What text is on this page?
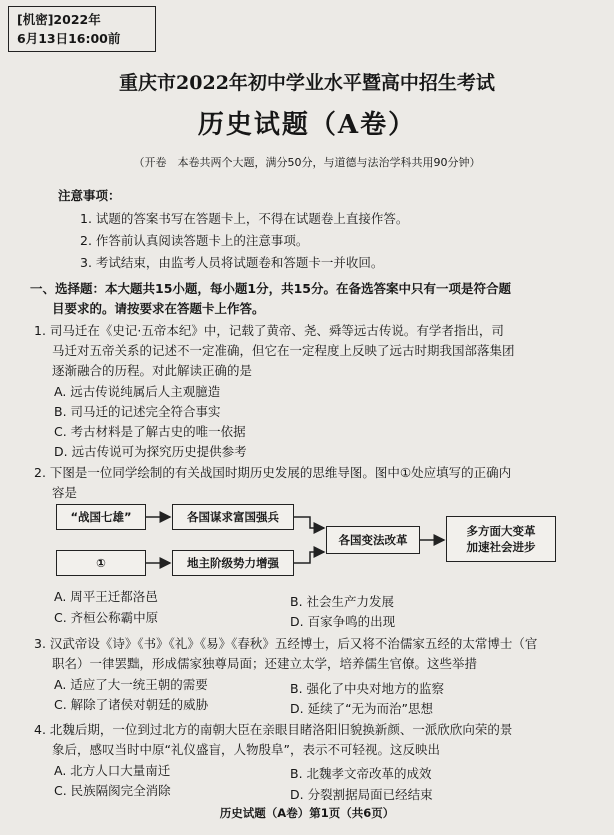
[机密]2022年
6月13日16:00前
重庆市2022年初中学业水平暨高中招生考试
历史试题（A卷）
（开卷　本卷共两个大题，满分50分，与道德与法治学科共用90分钟）
注意事项：
1. 试题的答案书写在答题卡上，不得在试题卷上直接作答。
2. 作答前认真阅读答题卡上的注意事项。
3. 考试结束，由监考人员将试题卷和答题卡一并收回。
一、选择题：本大题共15小题，每小题1分，共15分。在备选答案中只有一项是符合题
目要求的。请按要求在答题卡上作答。
1. 司马迁在《史记·五帝本纪》中，记载了黄帝、尧、舜等远古传说。有学者指出，司
马迁对五帝关系的记述不一定准确，但它在一定程度上反映了远古时期我国部落集团
逐渐融合的历程。对此解读正确的是
A. 远古传说纯属后人主观臆造
B. 司马迁的记述完全符合事实
C. 考古材料是了解古史的唯一依据
D. 远古传说可为探究历史提供参考
2. 下图是一位同学绘制的有关战国时期历史发展的思维导图。图中①处应填写的正确内
容是
“战国七雄”	各国谋求富国强兵
①	地主阶级势力增强
各国变法改革
多方面大变革
加速社会进步
A. 周平王迁都洛邑	B. 社会生产力发展
C. 齐桓公称霸中原	D. 百家争鸣的出现
3. 汉武帝设《诗》《书》《礼》《易》《春秋》五经博士，后又将不治儒家五经的太常博士（官
职名）一律罢黜，形成儒家独尊局面；还建立太学，培养儒生官僚。这些举措
A. 适应了大一统王朝的需要	B. 强化了中央对地方的监察
C. 解除了诸侯对朝廷的威胁	D. 延续了“无为而治”思想
4. 北魏后期，一位到过北方的南朝大臣在亲眼目睹洛阳旧貌换新颜、一派欣欣向荣的景
象后，感叹当时中原“礼仪盛盲，人物殷阜”，表示不可轻视。这反映出
A. 北方人口大量南迁	B. 北魏孝文帝改革的成效
C. 民族隔阂完全消除	D. 分裂割据局面已经结束
历史试题（A卷）第1页（共6页）
